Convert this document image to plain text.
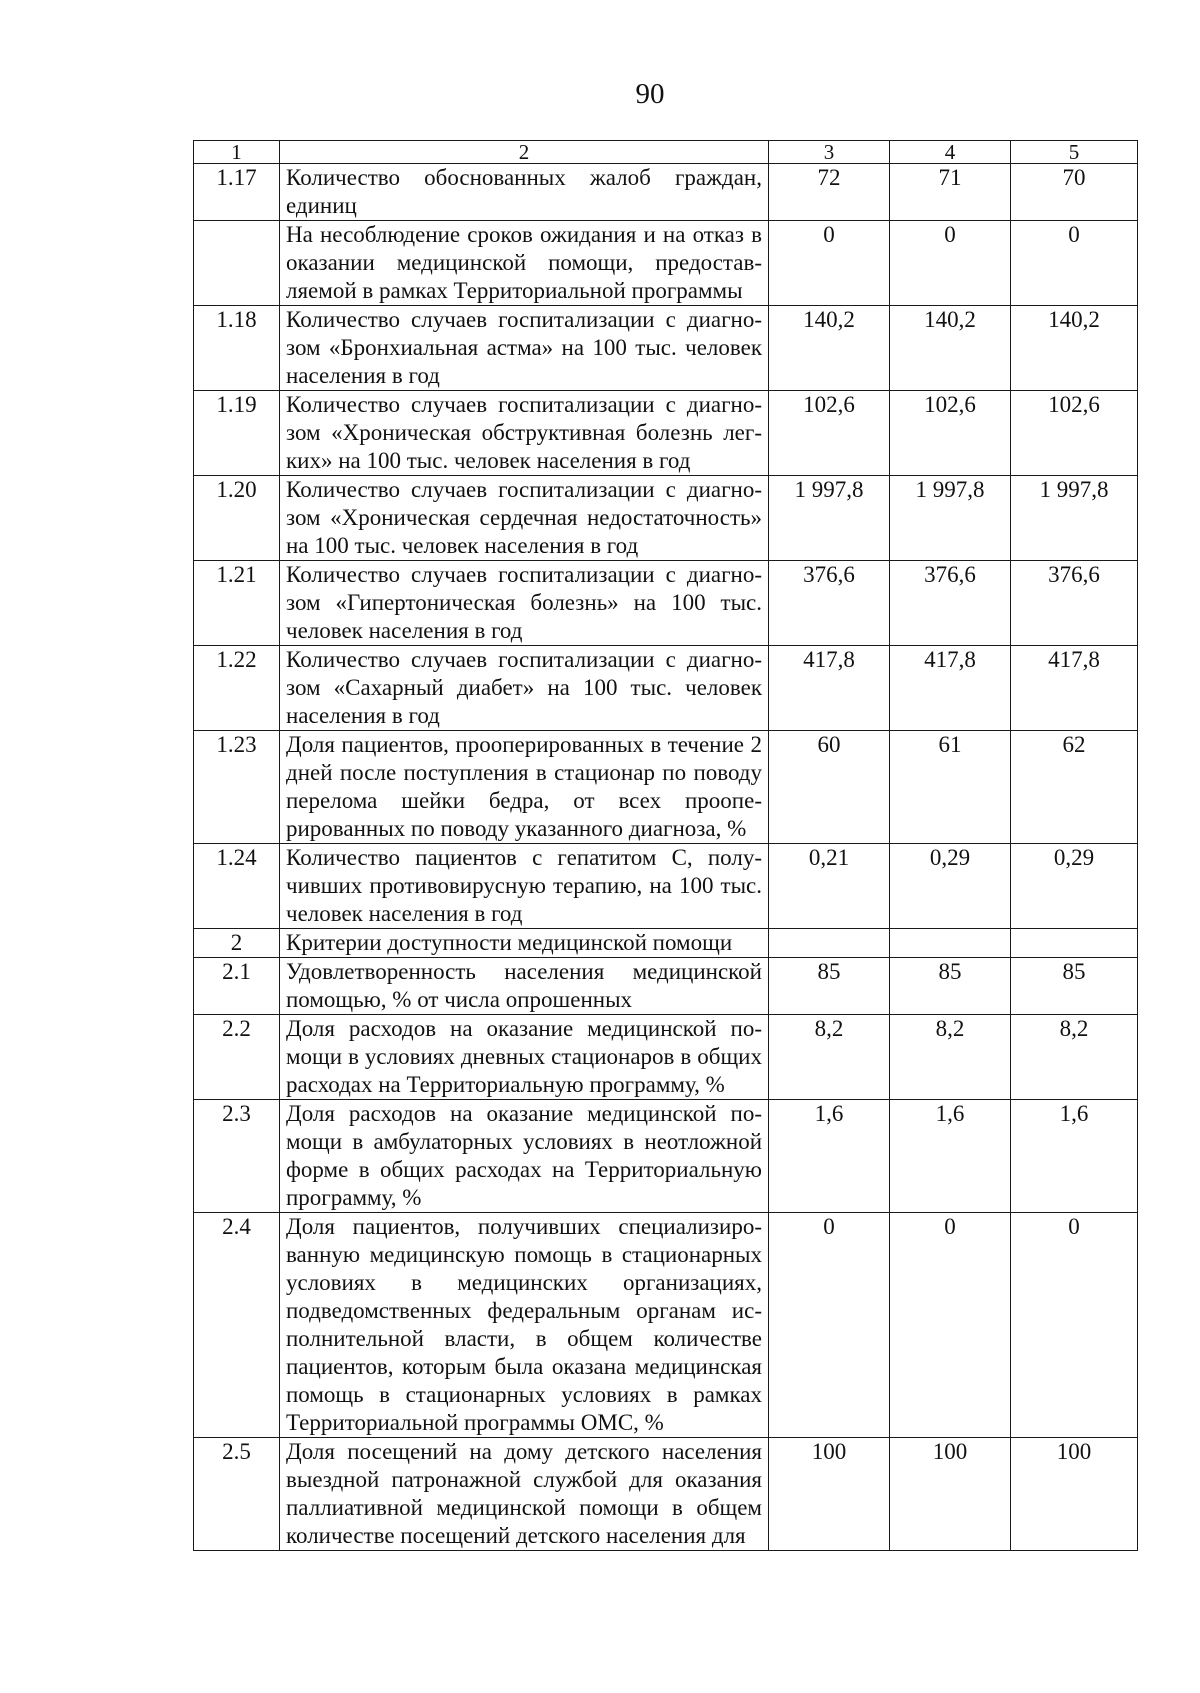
90
1	2	3	4	5
1.17	Количество обоснованных жалоб граждан, единиц	72	71	70
	На несоблюдение сроков ожидания и на отказ в оказании медицинской помощи, предоставляемой в рамках Территориальной программы	0	0	0
1.18	Количество случаев госпитализации с диагнозом «Бронхиальная астма» на 100 тыс. человек населения в год	140,2	140,2	140,2
1.19	Количество случаев госпитализации с диагнозом «Хроническая обструктивная болезнь легких» на 100 тыс. человек населения в год	102,6	102,6	102,6
1.20	Количество случаев госпитализации с диагнозом «Хроническая сердечная недостаточность» на 100 тыс. человек населения в год	1 997,8	1 997,8	1 997,8
1.21	Количество случаев госпитализации с диагнозом «Гипертоническая болезнь» на 100 тыс. человек населения в год	376,6	376,6	376,6
1.22	Количество случаев госпитализации с диагнозом «Сахарный диабет» на 100 тыс. человек населения в год	417,8	417,8	417,8
1.23	Доля пациентов, прооперированных в течение 2 дней после поступления в стационар по поводу перелома шейки бедра, от всех прооперированных по поводу указанного диагноза, %	60	61	62
1.24	Количество пациентов с гепатитом С, получивших противовирусную терапию, на 100 тыс. человек населения в год	0,21	0,29	0,29
2	Критерии доступности медицинской помощи			
2.1	Удовлетворенность населения медицинской помощью, % от числа опрошенных	85	85	85
2.2	Доля расходов на оказание медицинской помощи в условиях дневных стационаров в общих расходах на Территориальную программу, %	8,2	8,2	8,2
2.3	Доля расходов на оказание медицинской помощи в амбулаторных условиях в неотложной форме в общих расходах на Территориальную программу, %	1,6	1,6	1,6
2.4	Доля пациентов, получивших специализированную медицинскую помощь в стационарных условиях в медицинских организациях, подведомственных федеральным органам исполнительной власти, в общем количестве пациентов, которым была оказана медицинская помощь в стационарных условиях в рамках Территориальной программы ОМС, %	0	0	0
2.5	Доля посещений на дому детского населения выездной патронажной службой для оказания паллиативной медицинской помощи в общем количестве посещений детского населения для	100	100	100
